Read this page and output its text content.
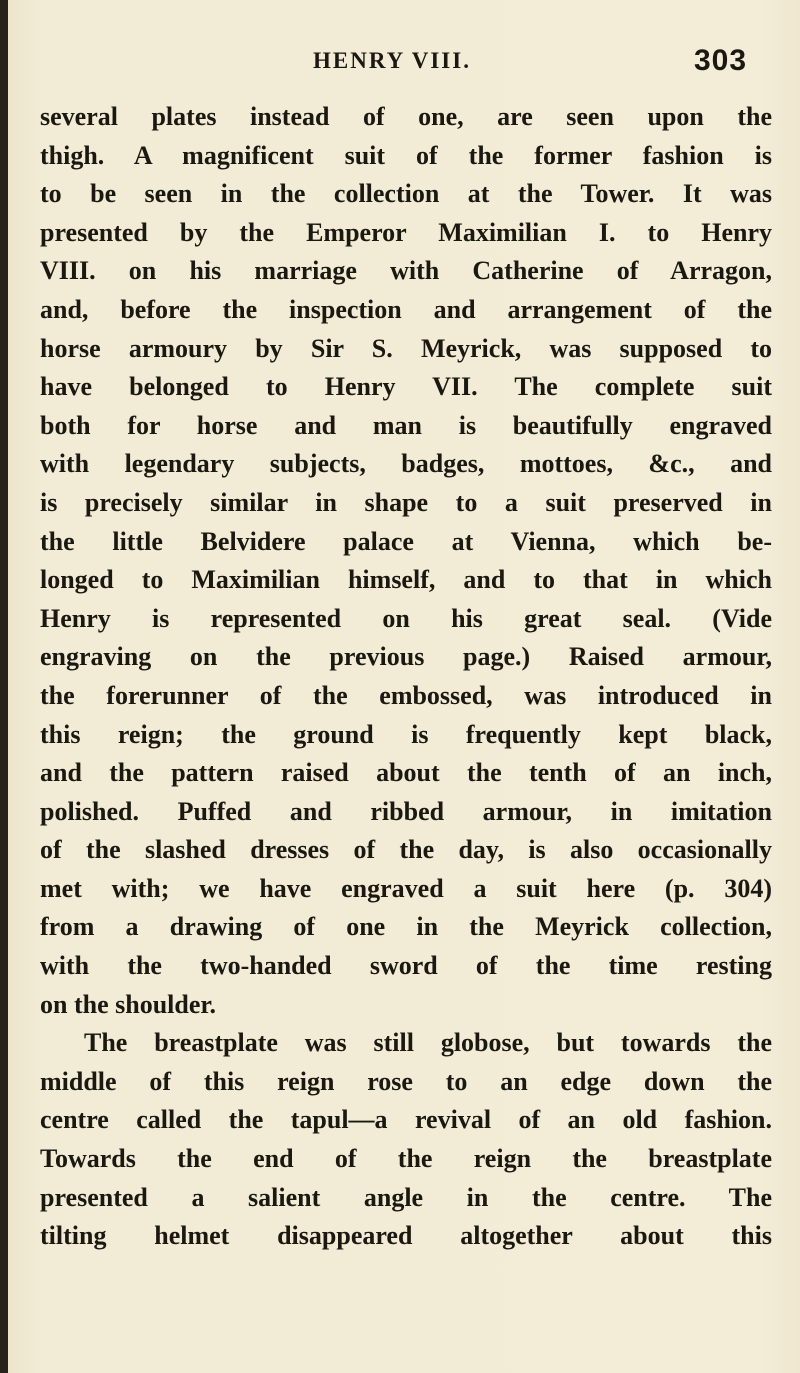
HENRY VIII.	303
several plates instead of one, are seen upon the
thigh. A magnificent suit of the former fashion is
to be seen in the collection at the Tower. It was
presented by the Emperor Maximilian I. to Henry
VIII. on his marriage with Catherine of Arragon,
and, before the inspection and arrangement of the
horse armoury by Sir S. Meyrick, was supposed to
have belonged to Henry VII. The complete suit
both for horse and man is beautifully engraved
with legendary subjects, badges, mottoes, &c., and
is precisely similar in shape to a suit preserved in
the little Belvidere palace at Vienna, which be-
longed to Maximilian himself, and to that in which
Henry is represented on his great seal. (Vide
engraving on the previous page.) Raised armour,
the forerunner of the embossed, was introduced in
this reign; the ground is frequently kept black,
and the pattern raised about the tenth of an inch,
polished. Puffed and ribbed armour, in imitation
of the slashed dresses of the day, is also occasionally
met with; we have engraved a suit here (p. 304)
from a drawing of one in the Meyrick collection,
with the two-handed sword of the time resting
on the shoulder.
The breastplate was still globose, but towards the
middle of this reign rose to an edge down the
centre called the tapul—a revival of an old fashion.
Towards the end of the reign the breastplate
presented a salient angle in the centre. The
tilting helmet disappeared altogether about this
